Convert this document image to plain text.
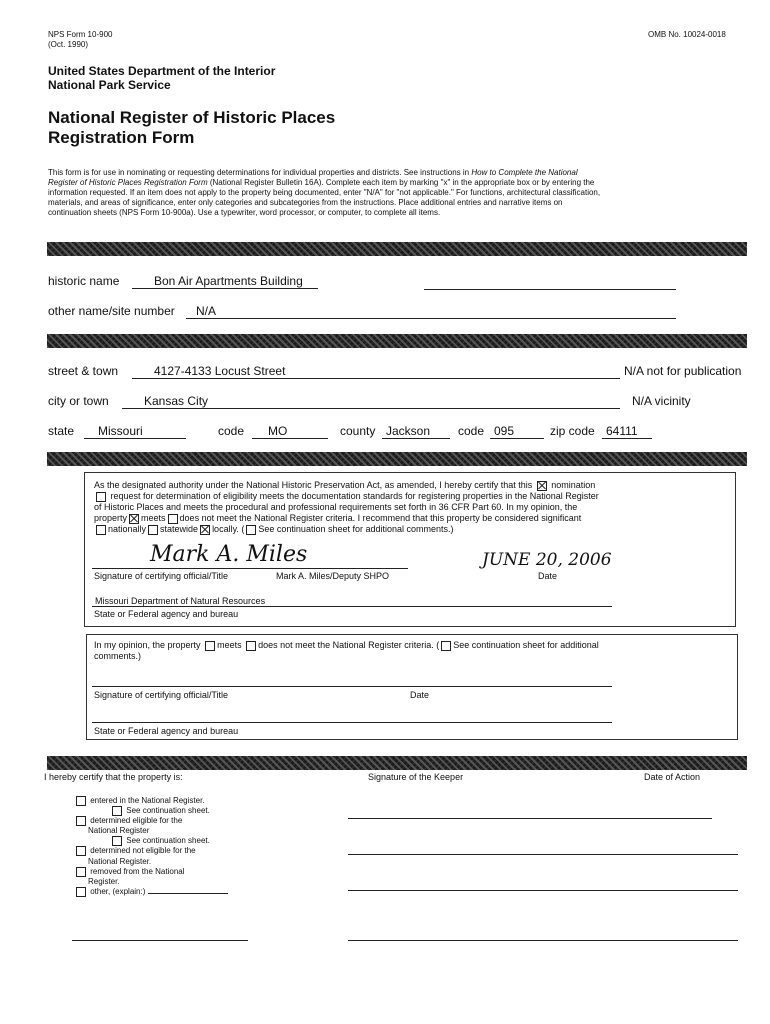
NPS Form 10-900
(Oct. 1990)
OMB No. 10024-0018
United States Department of the Interior
National Park Service
National Register of Historic Places
Registration Form
This form is for use in nominating or requesting determinations for individual properties and districts. See instructions in How to Complete the National
Register of Historic Places Registration Form (National Register Bulletin 16A). Complete each item by marking "x" in the appropriate box or by entering the
information requested. If an item does not apply to the property being documented, enter "N/A" for "not applicable." For functions, architectural classification,
materials, and areas of significance, enter only categories and subcategories from the instructions. Place additional entries and narrative items on
continuation sheets (NPS Form 10-900a). Use a typewriter, word processor, or computer, to complete all items.
historic name	Bon Air Apartments Building
other name/site number	N/A
street & town	4127-4133 Locust Street	N/A not for publication
city or town	Kansas City	N/A vicinity
state	Missouri	code	MO	county Jackson	code 095	zip code 64111
As the designated authority under the National Historic Preservation Act, as amended, I hereby certify that this nomination
request for determination of eligibility meets the documentation standards for registering properties in the National Register
of Historic Places and meets the procedural and professional requirements set forth in 36 CFR Part 60. In my opinion, the
property meets does not meet the National Register criteria. I recommend that this property be considered significant
nationally statewide locally. ( See continuation sheet for additional comments.)
Mark A. Miles	JUNE 20, 2006
Signature of certifying official/Title	Mark A. Miles/Deputy SHPO	Date
Missouri Department of Natural Resources
State or Federal agency and bureau
In my opinion, the property meets does not meet the National Register criteria. ( See continuation sheet for additional
comments.)
Signature of certifying official/Title	Date
State or Federal agency and bureau
I hereby certify that the property is:	Signature of the Keeper	Date of Action
entered in the National Register.
See continuation sheet.
determined eligible for the
National Register
See continuation sheet.
determined not eligible for the
National Register.
removed from the National
Register.
other, (explain:)
